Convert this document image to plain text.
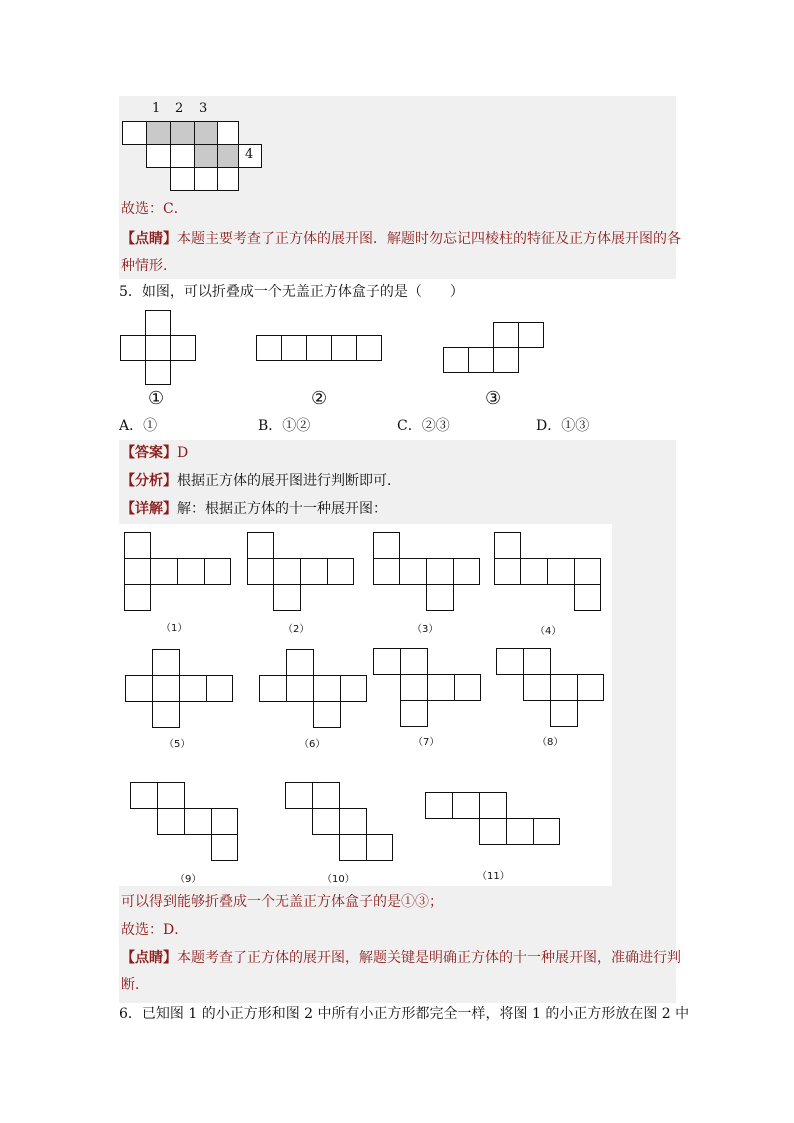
1 2 3
4
故选：C．
【点睛】本题主要考查了正方体的展开图．解题时勿忘记四棱柱的特征及正方体展开图的各
种情形．
5．如图，可以折叠成一个无盖正方体盒子的是（　　）
①	②	③
A．①	B．①②	C．②③	D．①③
【答案】D
【分析】根据正方体的展开图进行判断即可．
【详解】解：根据正方体的十一种展开图：
（1）	（2）	（3）	（4）
（5）	（6）	（7）	（8）
（9）	（10）	（11）
可以得到能够折叠成一个无盖正方体盒子的是①③；
故选：D．
【点睛】本题考查了正方体的展开图，解题关键是明确正方体的十一种展开图，准确进行判
断．
6．已知图 1 的小正方形和图 2 中所有小正方形都完全一样，将图 1 的小正方形放在图 2 中
